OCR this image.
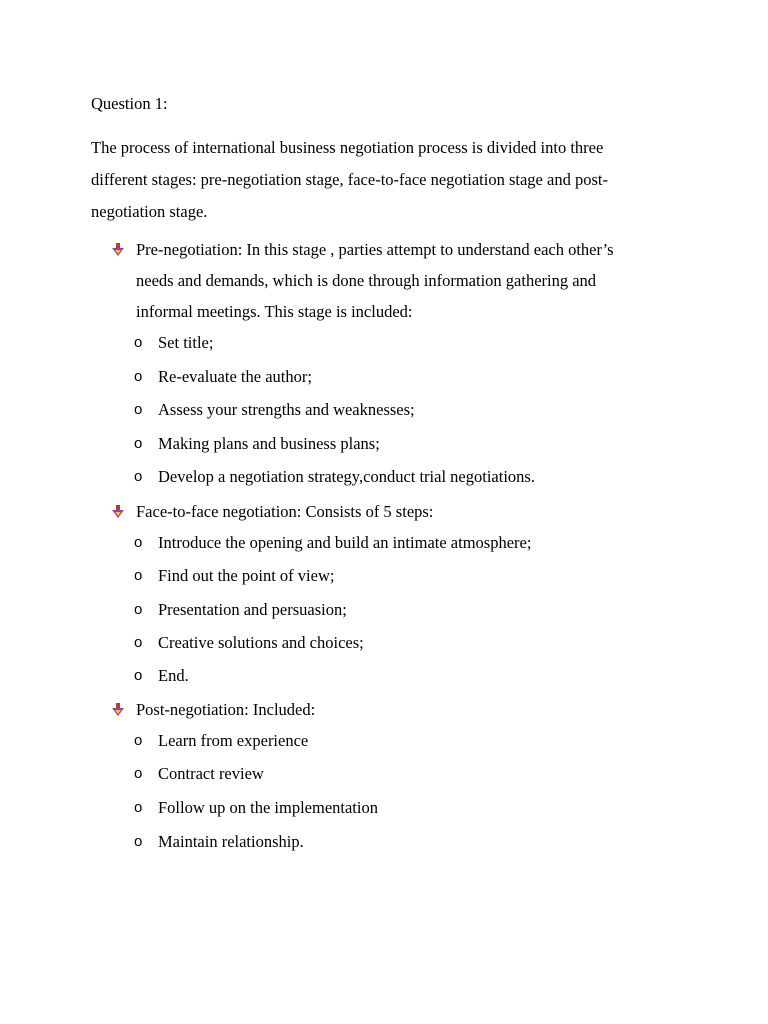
Question 1:

The process of international business negotiation process is divided into three
different stages: pre-negotiation stage, face-to-face negotiation stage and post-
negotiation stage.

Pre-negotiation: In this stage , parties attempt to understand each other’s
needs and demands, which is done through information gathering and
informal meetings. This stage is included:

o Set title;
o Re-evaluate the author;
o Assess your strengths and weaknesses;
o Making plans and business plans;
o Develop a negotiation strategy,conduct trial negotiations.

Face-to-face negotiation: Consists of 5 steps:

o Introduce the opening and build an intimate atmosphere;
o Find out the point of view;
o Presentation and persuasion;
o Creative solutions and choices;
o End.

Post-negotiation: Included:

o Learn from experience
o Contract review
o Follow up on the implementation
o Maintain relationship.
